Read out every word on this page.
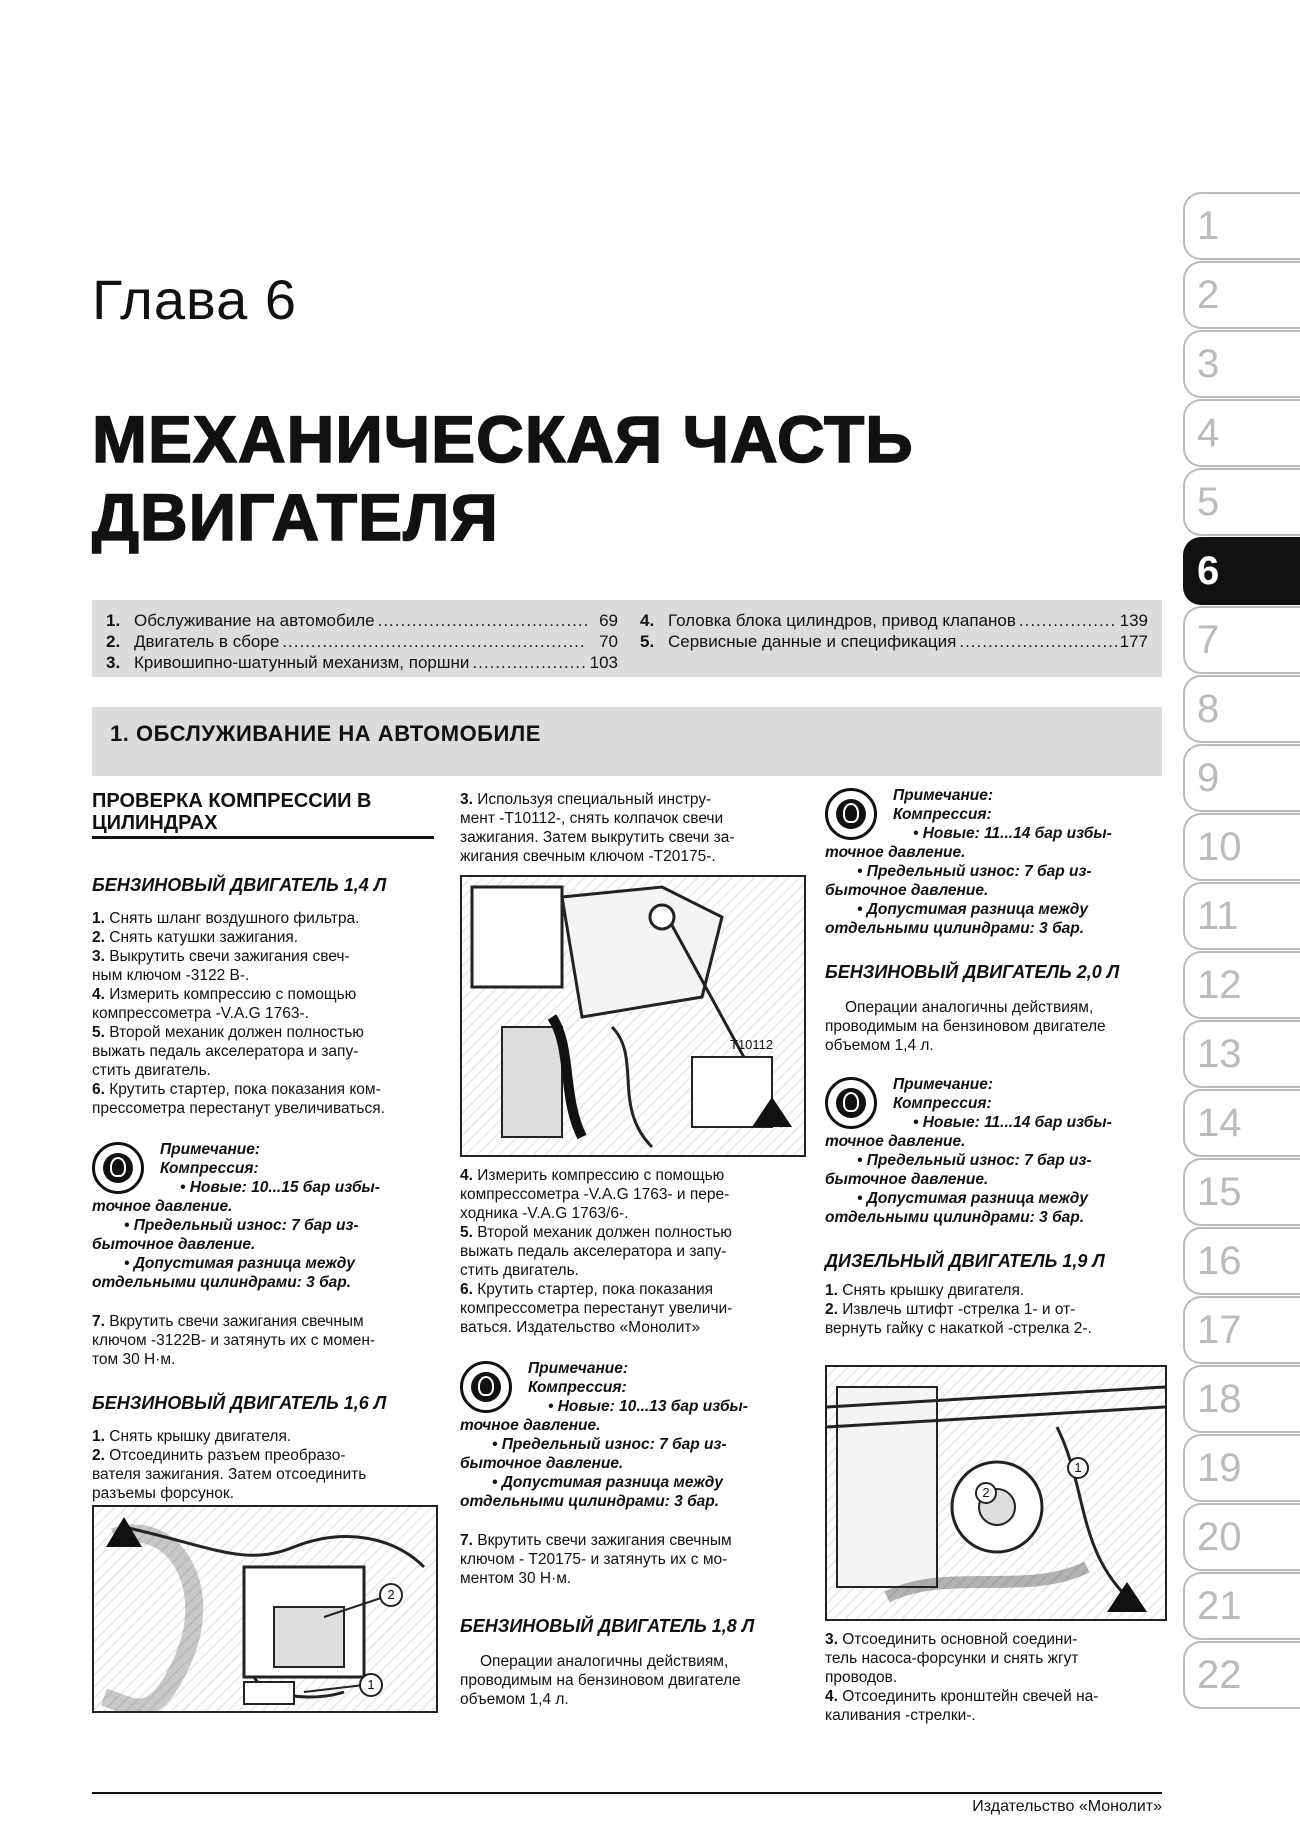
Глава 6
МЕХАНИЧЕСКАЯ ЧАСТЬ
ДВИГАТЕЛЯ
1. Обслуживание на автомобиле .....	69
2. Двигатель в сборе .....	70
3. Кривошипно-шатунный механизм, поршни .....	103
4. Головка блока цилиндров, привод клапанов .....	139
5. Сервисные данные и спецификация .....	177
1. ОБСЛУЖИВАНИЕ НА АВТОМОБИЛЕ
ПРОВЕРКА КОМПРЕССИИ В
ЦИЛИНДРАХ
БЕНЗИНОВЫЙ ДВИГАТЕЛЬ 1,4 Л

1. Снять шланг воздушного фильтра.

2. Снять катушки зажигания.

3. Выкрутить свечи зажигания свеч-

ным ключом -3122 В-.

4. Измерить компрессию с помощью

компрессометра -V.A.G 1763-.

5. Второй механик должен полностью

выжать педаль акселератора и запу-

стить двигатель.

6. Крутить стартер, пока показания ком-

прессометра перестанут увеличиваться.

Примечание:
Компрессия:
• Новые: 10...15 бар избы-
точное давление.
• Предельный износ: 7 бар из-
быточное давление.
• Допустимая разница между
отдельными цилиндрами: 3 бар.

7. Вкрутить свечи зажигания свечным

ключом -3122В- и затянуть их с момен-

том 30 Н·м.

БЕНЗИНОВЫЙ ДВИГАТЕЛЬ 1,6 Л

1. Снять крышку двигателя.

2. Отсоединить разъем преобразо-

вателя зажигания. Затем отсоединить

разъемы форсунок.

2
1

3. Используя специальный инстру-

мент -T10112-, снять колпачок свечи

зажигания. Затем выкрутить свечи за-

жигания свечным ключом -T20175-.

T10112

4. Измерить компрессию с помощью

компрессометра -V.A.G 1763- и пере-

ходника -V.A.G 1763/6-.

5. Второй механик должен полностью

выжать педаль акселератора и запу-

стить двигатель.

6. Крутить стартер, пока показания

компрессометра перестанут увеличи-

ваться. Издательство «Монолит»

Примечание:
Компрессия:
• Новые: 10...13 бар избы-
точное давление.
• Предельный износ: 7 бар из-
быточное давление.
• Допустимая разница между
отдельными цилиндрами: 3 бар.

7. Вкрутить свечи зажигания свечным

ключом - T20175- и затянуть их с мо-

ментом 30 Н·м.

БЕНЗИНОВЫЙ ДВИГАТЕЛЬ 1,8 Л

Операции аналогичны действиям,

проводимым на бензиновом двигателе

объемом 1,4 л.

Примечание:
Компрессия:
• Новые: 11...14 бар избы-
точное давление.
• Предельный износ: 7 бар из-
быточное давление.
• Допустимая разница между
отдельными цилиндрами: 3 бар.
БЕНЗИНОВЫЙ ДВИГАТЕЛЬ 2,0 Л

Операции аналогичны действиям,

проводимым на бензиновом двигателе

объемом 1,4 л.

Примечание:
Компрессия:
• Новые: 11...14 бар избы-
точное давление.
• Предельный износ: 7 бар из-
быточное давление.
• Допустимая разница между
отдельными цилиндрами: 3 бар.
ДИЗЕЛЬНЫЙ ДВИГАТЕЛЬ 1,9 Л

1. Снять крышку двигателя.

2. Извлечь штифт -стрелка 1- и от-

вернуть гайку с накаткой -стрелка 2-.

1
2

3. Отсоединить основной соедини-

тель насоса-форсунки и снять жгут

проводов.

4. Отсоединить кронштейн свечей на-

каливания -стрелки-.

1
2
3
4
5
6
7
8
9
10
11
12
13
14
15
16
17
18
19
20
21
22
Издательство «Монолит»
